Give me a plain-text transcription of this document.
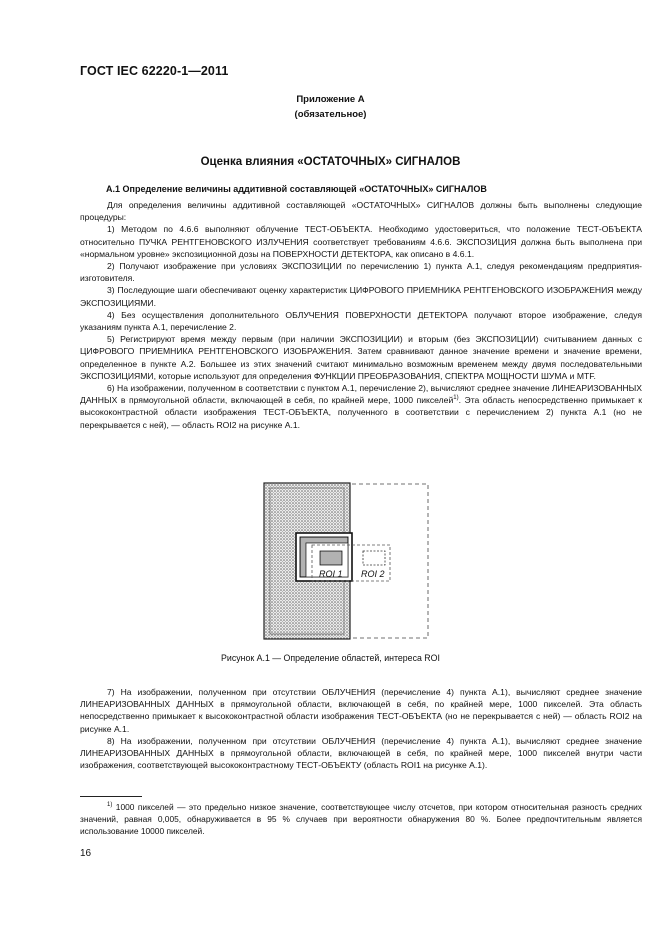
ГОСТ IEC 62220-1—2011
Приложение А
(обязательное)
Оценка влияния «ОСТАТОЧНЫХ» СИГНАЛОВ
А.1 Определение величины аддитивной составляющей «ОСТАТОЧНЫХ» СИГНАЛОВ

Для определения величины аддитивной составляющей «ОСТАТОЧНЫХ» СИГНАЛОВ должны быть выполнены следующие процедуры:

1) Методом по 4.6.6 выполняют облучение ТЕСТ-ОБЪЕКТА. Необходимо удостовериться, что положение ТЕСТ-ОБЪЕКТА относительно ПУЧКА РЕНТГЕНОВСКОГО ИЗЛУЧЕНИЯ соответствует требованиям 4.6.6. ЭКСПОЗИЦИЯ должна быть выполнена при «нормальном уровне» экспозиционной дозы на ПОВЕРХНОСТИ ДЕТЕКТОРА, как описано в 4.6.1.

2) Получают изображение при условиях ЭКСПОЗИЦИИ по перечислению 1) пункта А.1, следуя рекомендациям предприятия-изготовителя.

3) Последующие шаги обеспечивают оценку характеристик ЦИФРОВОГО ПРИЕМНИКА РЕНТГЕНОВСКОГО ИЗОБРАЖЕНИЯ между ЭКСПОЗИЦИЯМИ.

4) Без осуществления дополнительного ОБЛУЧЕНИЯ ПОВЕРХНОСТИ ДЕТЕКТОРА получают второе изображение, следуя указаниям пункта А.1, перечисление 2.

5) Регистрируют время между первым (при наличии ЭКСПОЗИЦИИ) и вторым (без ЭКСПОЗИЦИИ) считыванием данных с ЦИФРОВОГО ПРИЕМНИКА РЕНТГЕНОВСКОГО ИЗОБРАЖЕНИЯ. Затем сравнивают данное значение времени и значение времени, определенное в пункте А.2. Большее из этих значений считают минимально возможным временем между двумя последовательными ЭКСПОЗИЦИЯМИ, которые используют для определения ФУНКЦИИ ПРЕОБРАЗОВАНИЯ, СПЕКТРА МОЩНОСТИ ШУМА и MTF.

6) На изображении, полученном в соответствии с пунктом А.1, перечисление 2), вычисляют среднее значение ЛИНЕАРИЗОВАННЫХ ДАННЫХ в прямоугольной области, включающей в себя, по крайней мере, 1000 пикселей$^{1)}$. Эта область непосредственно примыкает к высококонтрастной области изображения ТЕСТ-ОБЪЕКТА, полученного в соответствии с перечислением 2) пункта А.1 (но не перекрывается с ней), — область ROI2 на рисунке А.1.

ROI 1 ROI 2
Рисунок А.1 — Определение областей, интереса ROI

7) На изображении, полученном при отсутствии ОБЛУЧЕНИЯ (перечисление 4) пункта А.1), вычисляют среднее значение ЛИНЕАРИЗОВАННЫХ ДАННЫХ в прямоугольной области, включающей в себя, по крайней мере, 1000 пикселей. Эта область непосредственно примыкает к высококонтрастной области изображения ТЕСТ-ОБЪЕКТА (но не перекрывается с ней) — область ROI2 на рисунке А.1.

8) На изображении, полученном при отсутствии ОБЛУЧЕНИЯ (перечисление 4) пункта А.1), вычисляют среднее значение ЛИНЕАРИЗОВАННЫХ ДАННЫХ в прямоугольной области, включающей в себя, по крайней мере, 1000 пикселей внутри части изображения, соответствующей высококонтрастному ТЕСТ-ОБЪЕКТУ (область ROI1 на рисунке А.1).

$^{1)}$ 1000 пикселей — это предельно низкое значение, соответствующее числу отсчетов, при котором относительная разность средних значений, равная 0,005, обнаруживается в 95 % случаев при вероятности обнаружения 80 %. Более предпочтительным является использование 10000 пикселей.

16
